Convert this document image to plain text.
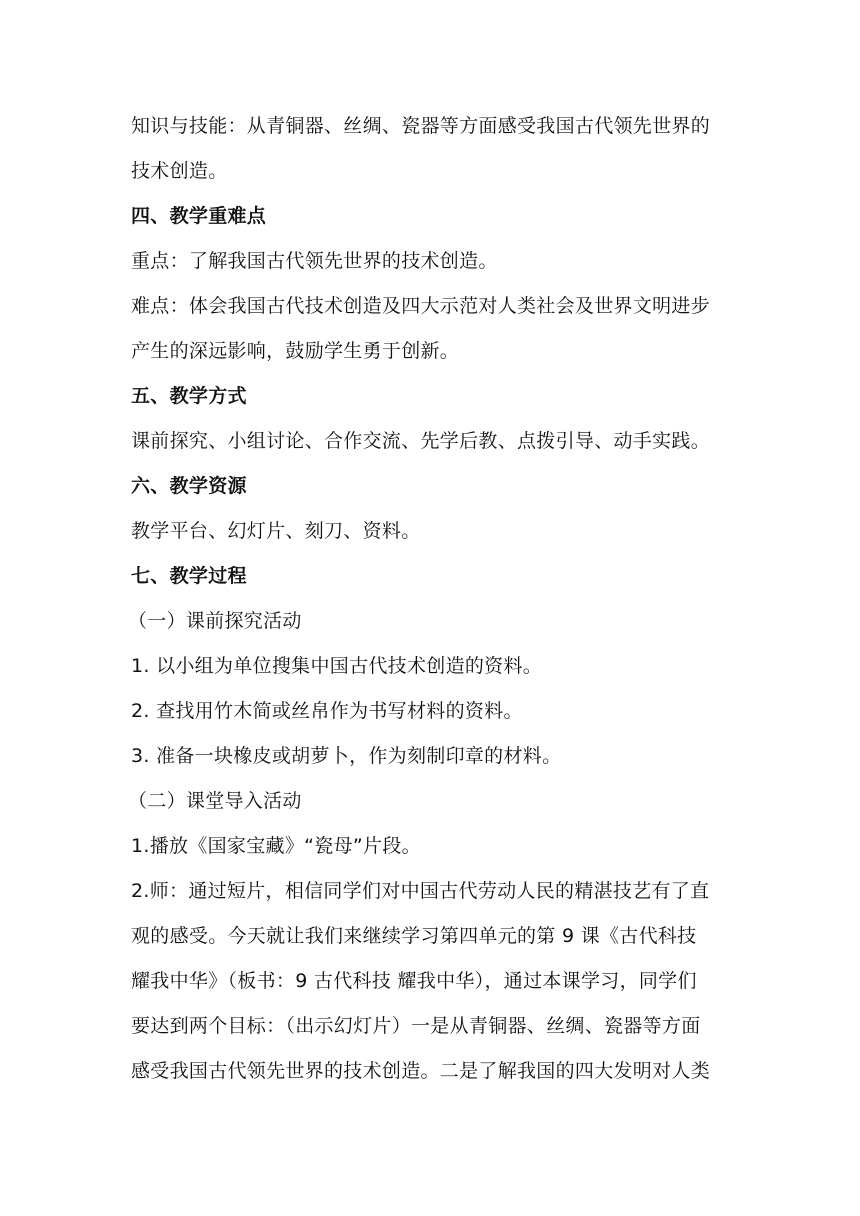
知识与技能：从青铜器、丝绸、瓷器等方面感受我国古代领先世界的
技术创造。
四、教学重难点
重点：了解我国古代领先世界的技术创造。
难点：体会我国古代技术创造及四大示范对人类社会及世界文明进步
产生的深远影响，鼓励学生勇于创新。
五、教学方式
课前探究、小组讨论、合作交流、先学后教、点拨引导、动手实践。
六、教学资源
教学平台、幻灯片、刻刀、资料。
七、教学过程
（一）课前探究活动
1. 以小组为单位搜集中国古代技术创造的资料。
2. 查找用竹木简或丝帛作为书写材料的资料。
3. 准备一块橡皮或胡萝卜，作为刻制印章的材料。
（二）课堂导入活动
1.播放《国家宝藏》“瓷母”片段。
2.师：通过短片，相信同学们对中国古代劳动人民的精湛技艺有了直
观的感受。今天就让我们来继续学习第四单元的第 9 课《古代科技
耀我中华》（板书：9 古代科技 耀我中华），通过本课学习，同学们
要达到两个目标：（出示幻灯片）一是从青铜器、丝绸、瓷器等方面
感受我国古代领先世界的技术创造。二是了解我国的四大发明对人类
